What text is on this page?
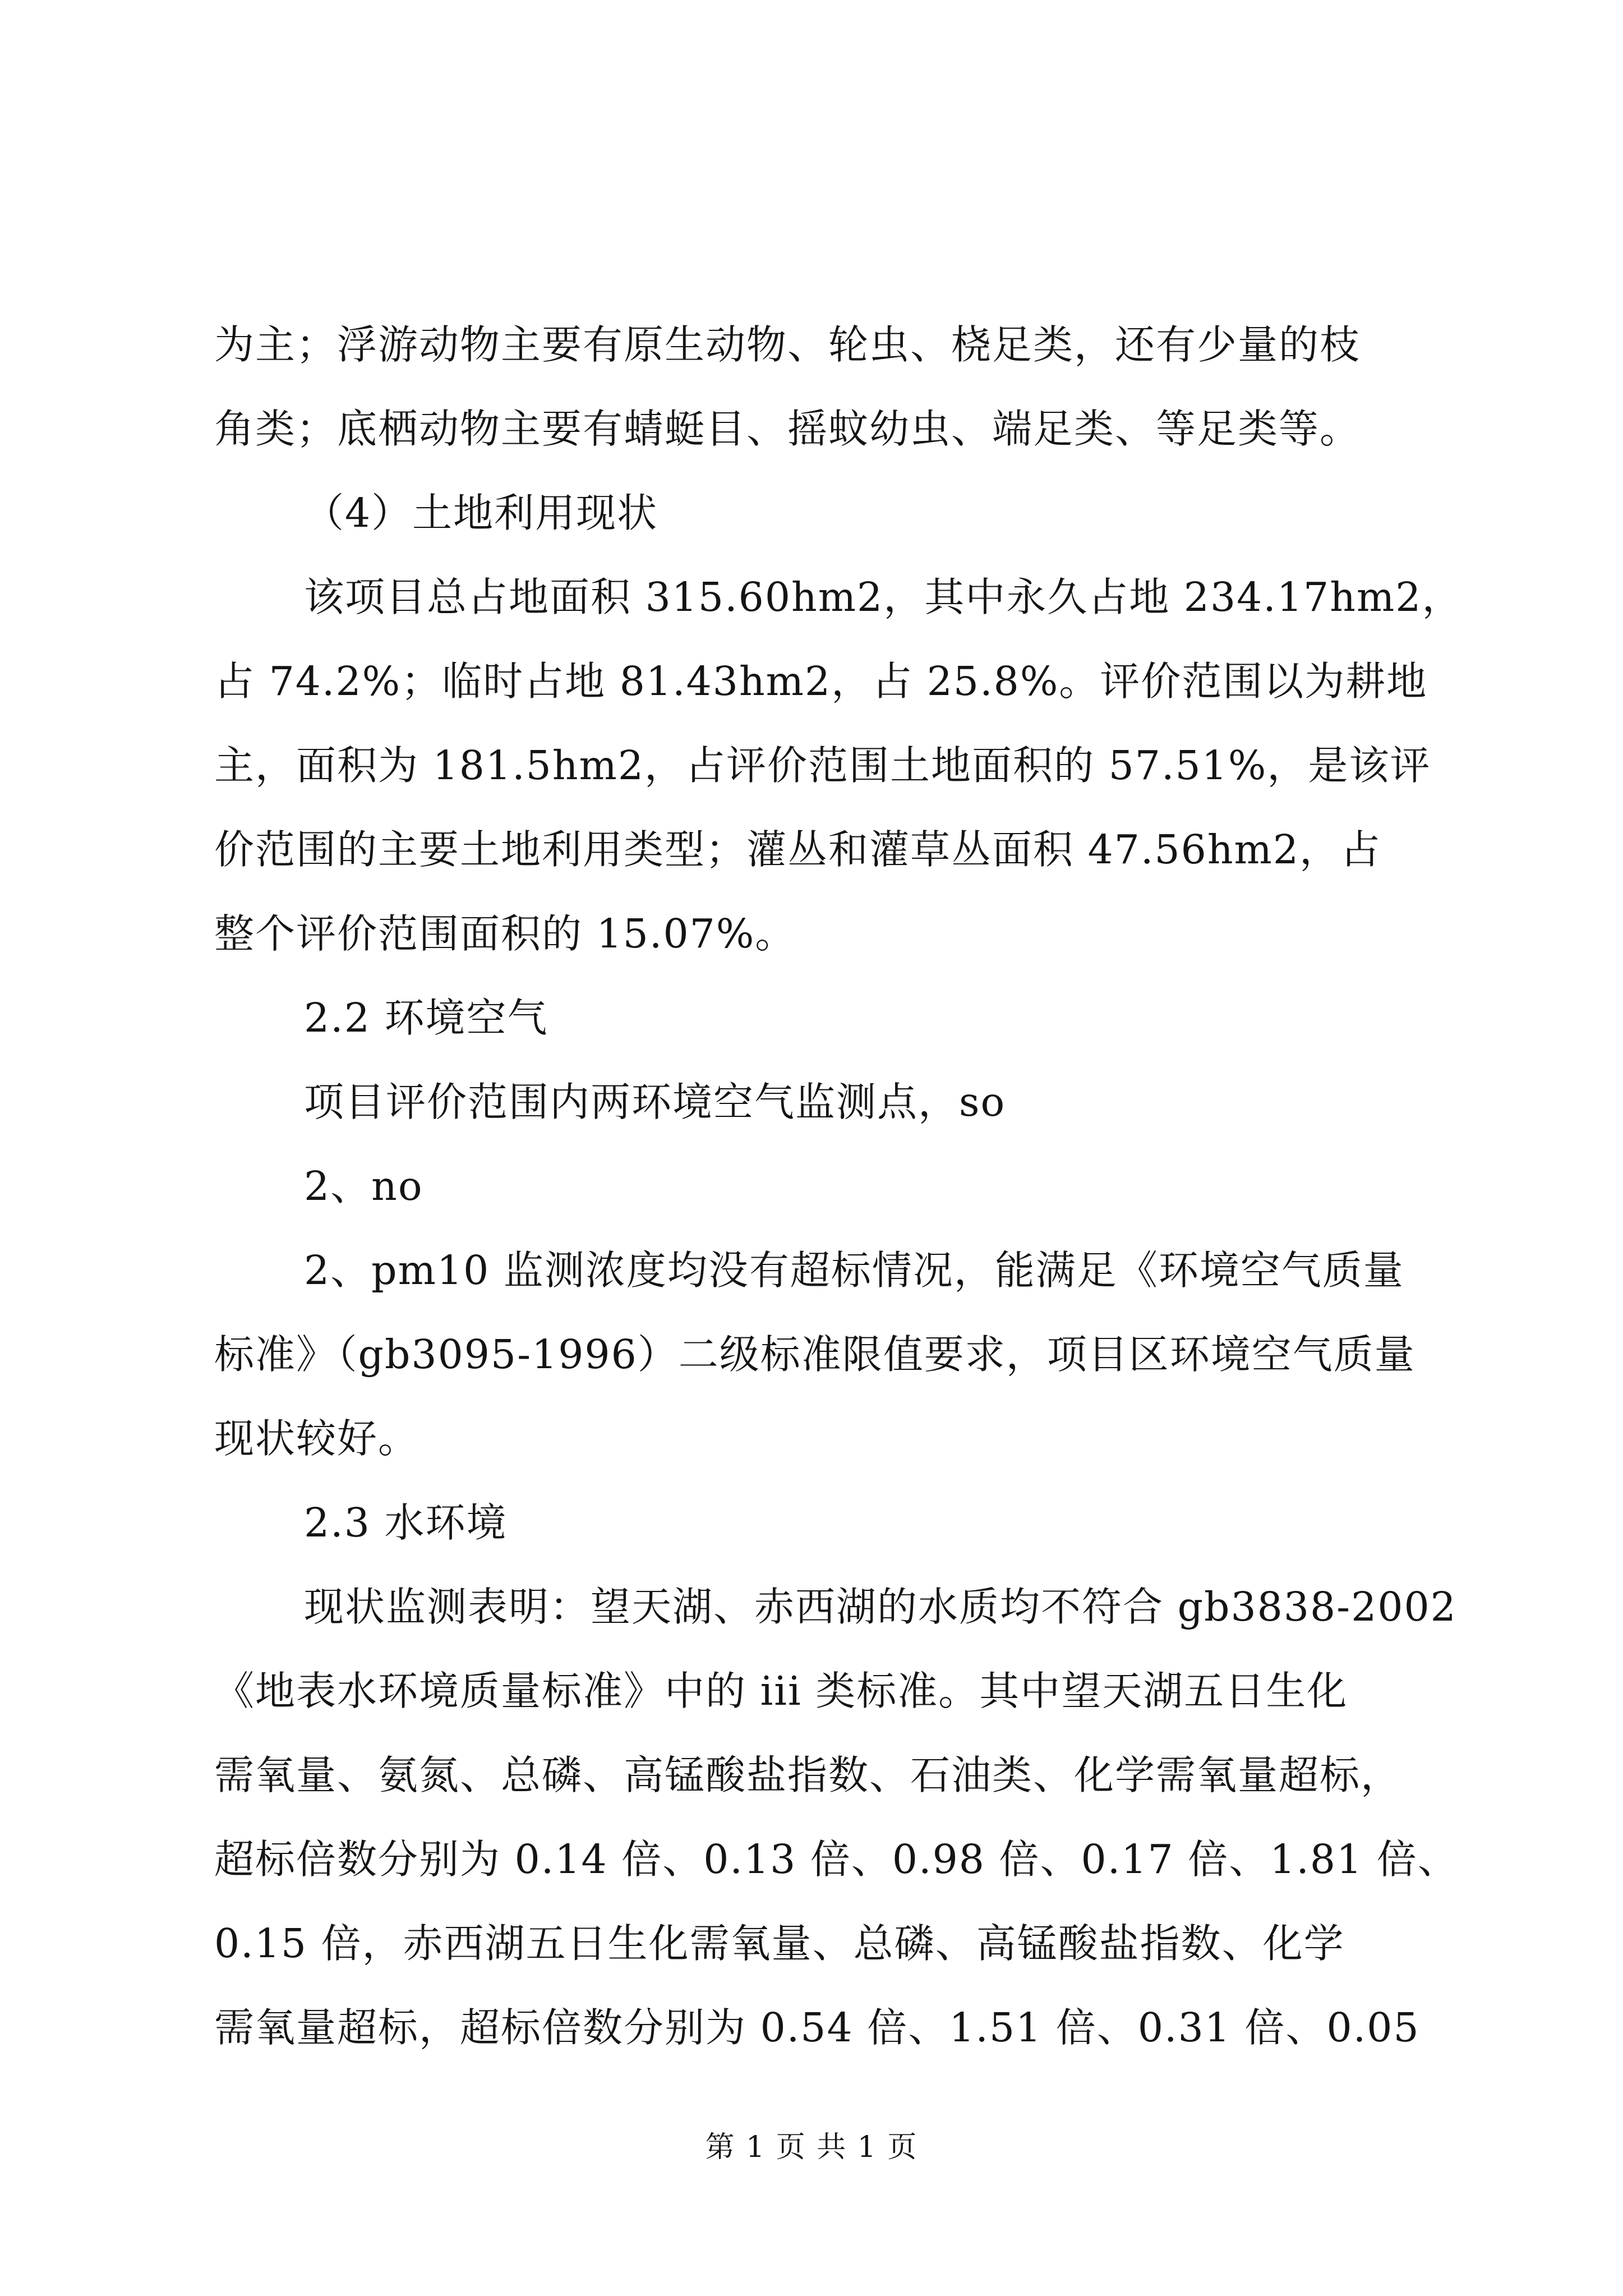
为主；浮游动物主要有原生动物、轮虫、桡足类，还有少量的枝
角类；底栖动物主要有蜻蜓目、摇蚊幼虫、端足类、等足类等。
（4）土地利用现状
该项目总占地面积 315.60hm2，其中永久占地 234.17hm2，
占 74.2%；临时占地 81.43hm2，占 25.8%。评价范围以为耕地
主，面积为 181.5hm2，占评价范围土地面积的 57.51%，是该评
价范围的主要土地利用类型；灌丛和灌草丛面积 47.56hm2，占
整个评价范围面积的 15.07%。
2.2 环境空气
项目评价范围内两环境空气监测点，so
2、no
2、pm10 监测浓度均没有超标情况，能满足《环境空气质量
标准》（gb3095-1996）二级标准限值要求，项目区环境空气质量
现状较好。
2.3 水环境
现状监测表明：望天湖、赤西湖的水质均不符合 gb3838-2002
《地表水环境质量标准》中的 iii 类标准。其中望天湖五日生化
需氧量、氨氮、总磷、高锰酸盐指数、石油类、化学需氧量超标，
超标倍数分别为 0.14 倍、0.13 倍、0.98 倍、0.17 倍、1.81 倍、
0.15 倍，赤西湖五日生化需氧量、总磷、高锰酸盐指数、化学
需氧量超标，超标倍数分别为 0.54 倍、1.51 倍、0.31 倍、0.05
第 1 页 共 1 页
